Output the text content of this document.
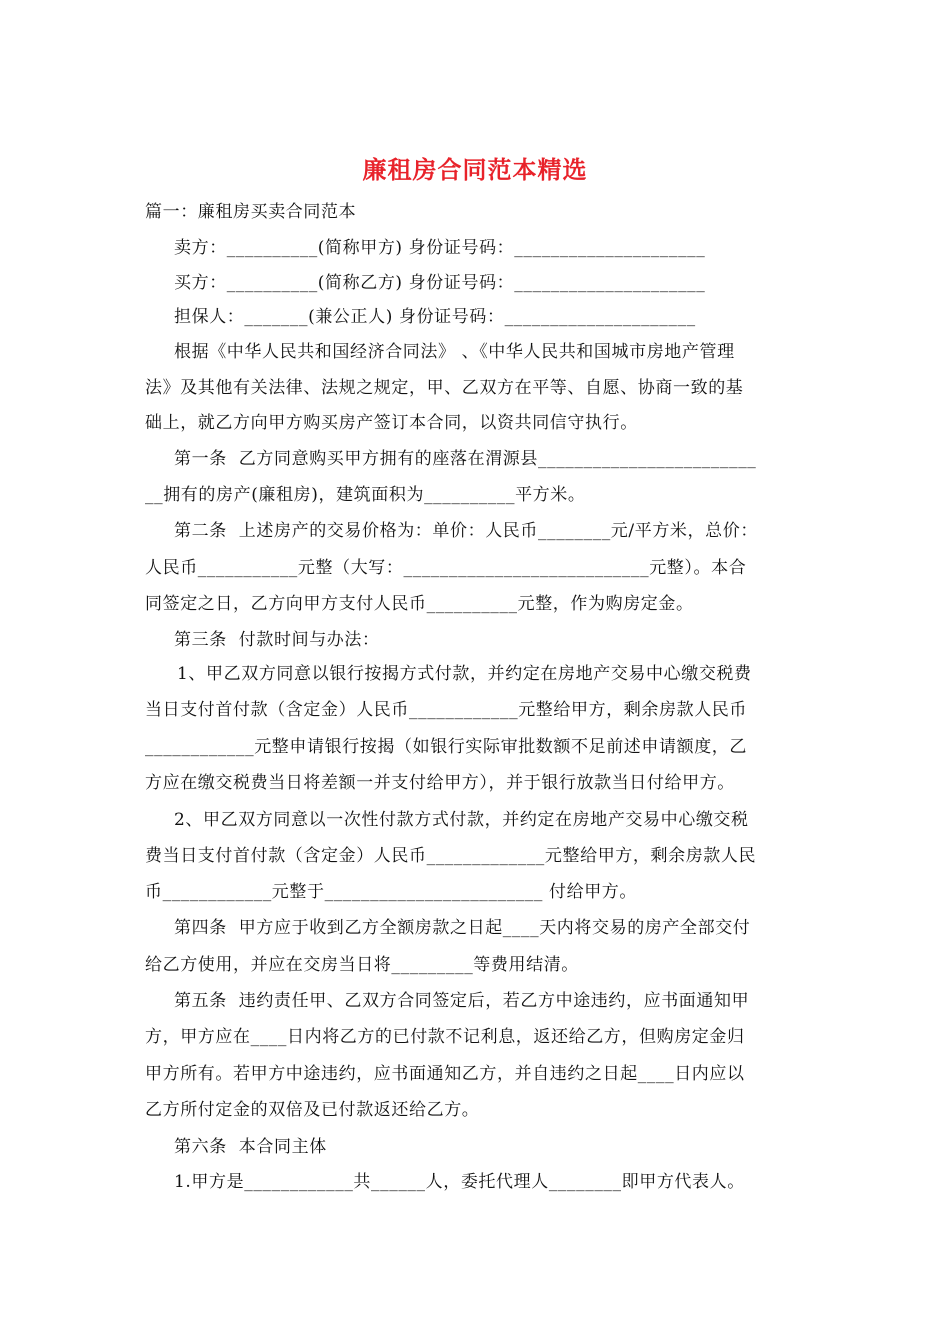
廉租房合同范本精选
篇一：廉租房买卖合同范本
卖方：__________(简称甲方) 身份证号码：_____________________
买方：__________(简称乙方) 身份证号码：_____________________
担保人：_______(兼公正人) 身份证号码：_____________________
根据《中华人民共和国经济合同法》 、《中华人民共和国城市房地产管理
法》及其他有关法律、法规之规定，甲、乙双方在平等、自愿、协商一致的基
础上，就乙方向甲方购买房产签订本合同，以资共同信守执行。
第一条  乙方同意购买甲方拥有的座落在渭源县________________________
__拥有的房产(廉租房)，建筑面积为__________平方米。
第二条  上述房产的交易价格为：单价：人民币________元/平方米，总价：
人民币___________元整（大写：___________________________元整）。本合
同签定之日，乙方向甲方支付人民币__________元整，作为购房定金。
第三条  付款时间与办法：
1、甲乙双方同意以银行按揭方式付款，并约定在房地产交易中心缴交税费
当日支付首付款（含定金）人民币____________元整给甲方，剩余房款人民币
____________元整申请银行按揭（如银行实际审批数额不足前述申请额度，乙
方应在缴交税费当日将差额一并支付给甲方），并于银行放款当日付给甲方。
2、甲乙双方同意以一次性付款方式付款，并约定在房地产交易中心缴交税
费当日支付首付款（含定金）人民币_____________元整给甲方，剩余房款人民
币____________元整于________________________ 付给甲方。
第四条  甲方应于收到乙方全额房款之日起____天内将交易的房产全部交付
给乙方使用，并应在交房当日将_________等费用结清。
第五条  违约责任甲、乙双方合同签定后，若乙方中途违约，应书面通知甲
方，甲方应在____日内将乙方的已付款不记利息，返还给乙方，但购房定金归
甲方所有。若甲方中途违约，应书面通知乙方，并自违约之日起____日内应以
乙方所付定金的双倍及已付款返还给乙方。
第六条  本合同主体
1.甲方是____________共______人，委托代理人________即甲方代表人。
